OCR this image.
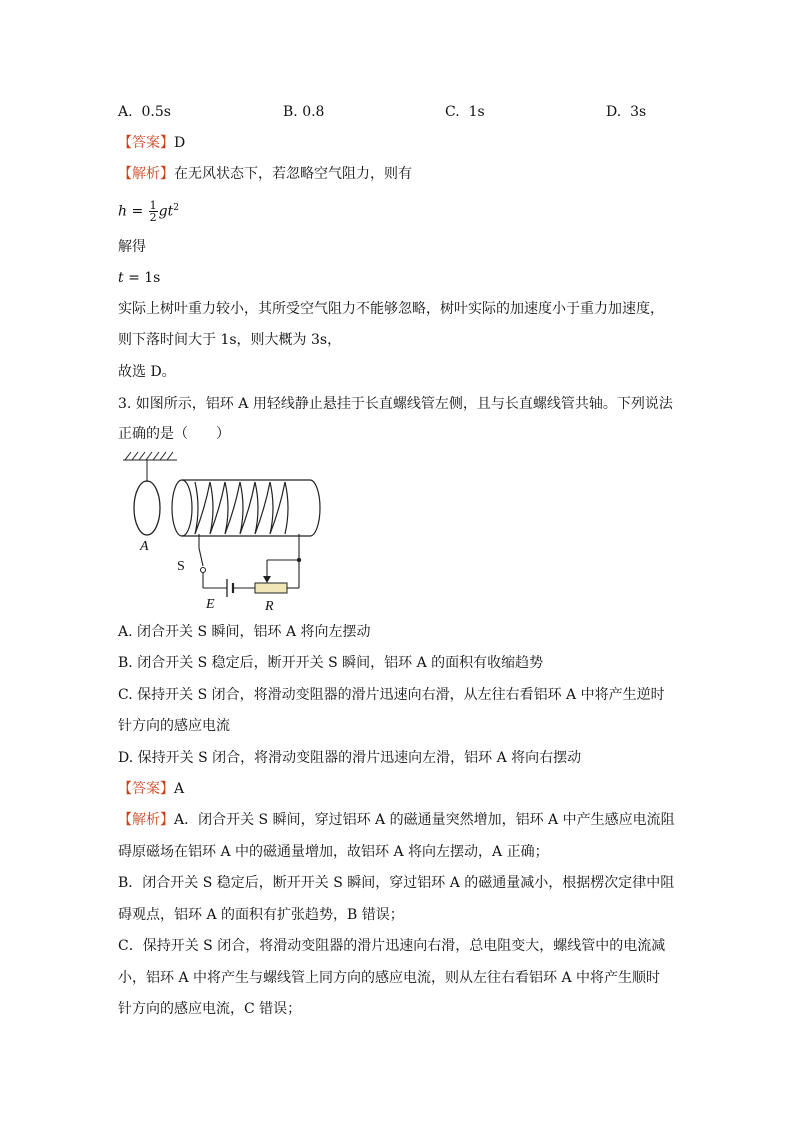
A. 0.5s	B. 0.8	C. 1s	D. 3s
【答案】D
【解析】在无风状态下，若忽略空气阻力，则有
$h = \frac{1}{2} gt^2$
解得
t = 1s
实际上树叶重力较小，其所受空气阻力不能够忽略，树叶实际的加速度小于重力加速度，
则下落时间大于 1s，则大概为 3s，
故选 D。
3. 如图所示，铝环 A 用轻线静止悬挂于长直螺线管左侧，且与长直螺线管共轴。下列说法
正确的是（　　）
A
S
E	R
A. 闭合开关 S 瞬间，铝环 A 将向左摆动
B. 闭合开关 S 稳定后，断开开关 S 瞬间，铝环 A 的面积有收缩趋势
C. 保持开关 S 闭合，将滑动变阻器的滑片迅速向右滑，从左往右看铝环 A 中将产生逆时
针方向的感应电流
D. 保持开关 S 闭合，将滑动变阻器的滑片迅速向左滑，铝环 A 将向右摆动
【答案】A
【解析】A．闭合开关 S 瞬间，穿过铝环 A 的磁通量突然增加，铝环 A 中产生感应电流阻
碍原磁场在铝环 A 中的磁通量增加，故铝环 A 将向左摆动，A 正确；
B．闭合开关 S 稳定后，断开开关 S 瞬间，穿过铝环 A 的磁通量减小，根据楞次定律中阻
碍观点，铝环 A 的面积有扩张趋势，B 错误；
C．保持开关 S 闭合，将滑动变阻器的滑片迅速向右滑，总电阻变大，螺线管中的电流减
小，铝环 A 中将产生与螺线管上同方向的感应电流，则从左往右看铝环 A 中将产生顺时
针方向的感应电流，C 错误；
